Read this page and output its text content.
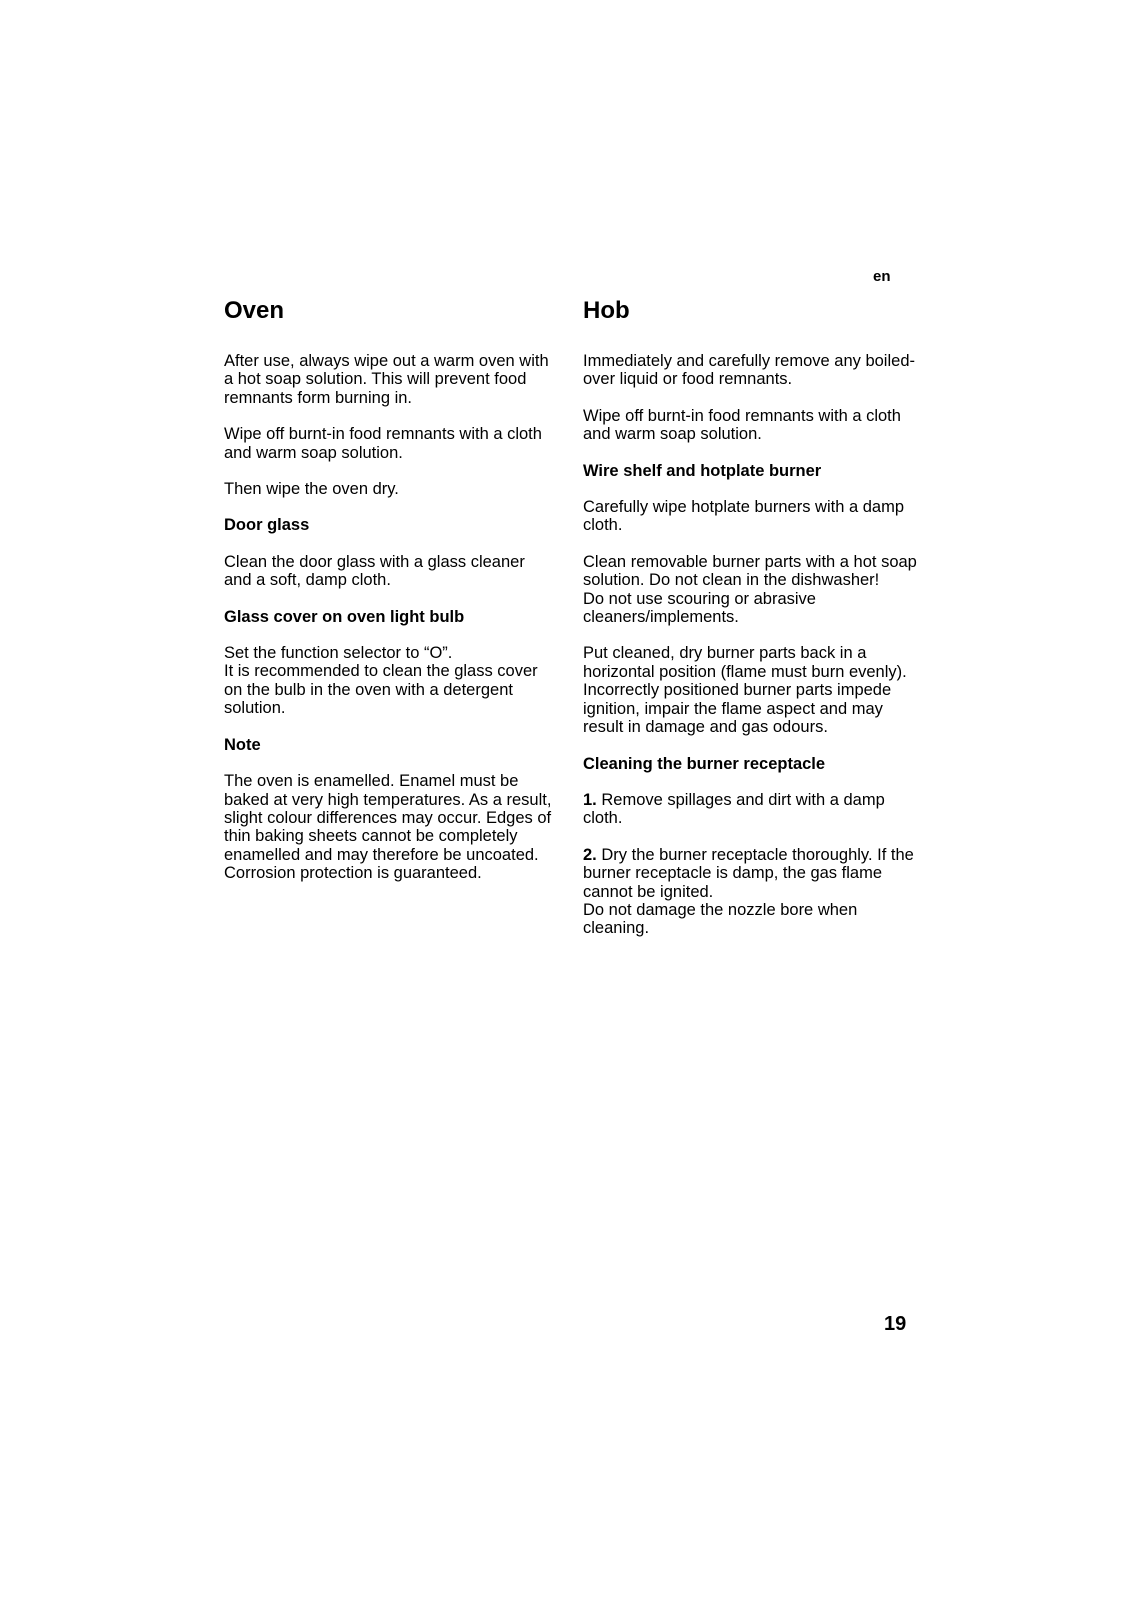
en
Oven

After use, always wipe out a warm oven with a hot soap solution. This will prevent food remnants form burning in.

Wipe off burnt-in food remnants with a cloth and warm soap solution.

Then wipe the oven dry.

Door glass

Clean the door glass with a glass cleaner and a soft, damp cloth.

Glass cover on oven light bulb

Set the function selector to “O”.

It is recommended to clean the glass cover on the bulb in the oven with a detergent solution.

Note

The oven is enamelled. Enamel must be baked at very high temperatures. As a result, slight colour differences may occur. Edges of thin baking sheets cannot be completely enamelled and may therefore be uncoated.

Corrosion protection is guaranteed.

Hob

Immediately and carefully remove any boiled-over liquid or food remnants.

Wipe off burnt-in food remnants with a cloth and warm soap solution.

Wire shelf and hotplate burner

Carefully wipe hotplate burners with a damp cloth.

Clean removable burner parts with a hot soap solution. Do not clean in the dishwasher!

Do not use scouring or abrasive cleaners/implements.

Put cleaned, dry burner parts back in a horizontal position (flame must burn evenly). Incorrectly positioned burner parts impede ignition, impair the flame aspect and may result in damage and gas odours.

Cleaning the burner receptacle

1. Remove spillages and dirt with a damp cloth.

2. Dry the burner receptacle thoroughly. If the burner receptacle is damp, the gas flame cannot be ignited.

Do not damage the nozzle bore when cleaning.

19
